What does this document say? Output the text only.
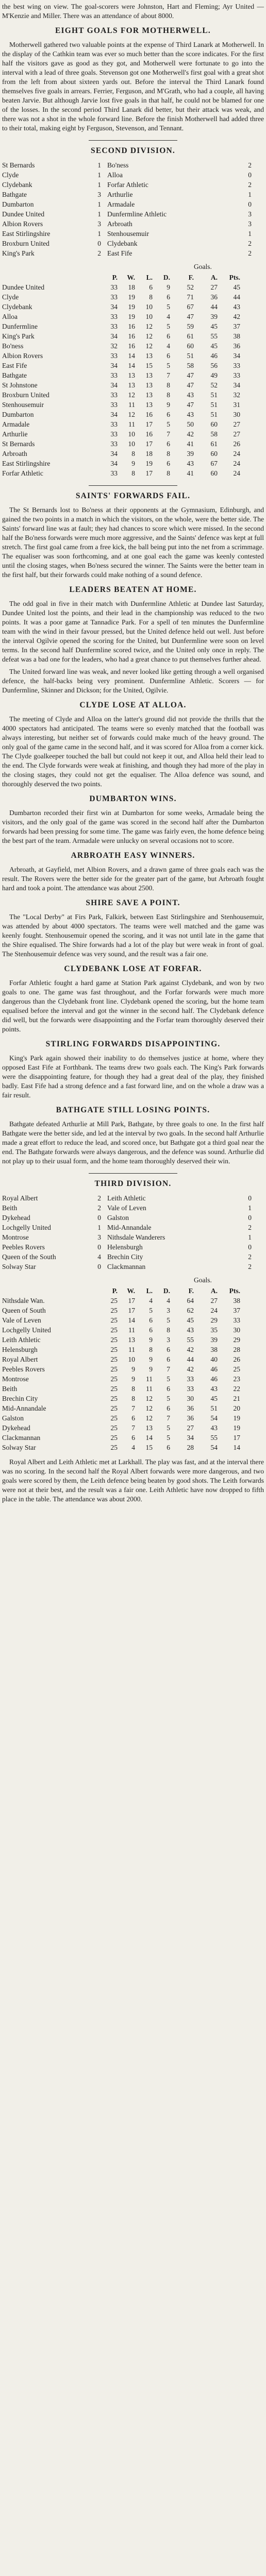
the best wing on view. The goal-scorers were Johnston, Hart and Fleming; Ayr United — M'Kenzie and Miller. There was an attendance of about 8000.

EIGHT GOALS FOR MOTHERWELL.

Motherwell gathered two valuable points at the expense of Third Lanark at Motherwell. In the display of the Cathkin team was ever so much better than the score indicates. For the first half the visitors gave as good as they got, and Motherwell were fortunate to go into the interval with a lead of three goals. Stevenson got one Motherwell's first goal with a great shot from the left from about sixteen yards out. Before the interval the Third Lanark found themselves five goals in arrears. Ferrier, Ferguson, and M'Grath, who had a couple, all having beaten Jarvie. But although Jarvie lost five goals in that half, he could not be blamed for one of the losses. In the second period Third Lanark did better, but their attack was weak, and there was not a shot in the whole forward line. Before the finish Motherwell had added three to their total, making eight by Ferguson, Stevenson, and Tennant.

SECOND DIVISION.
St Bernards	1 Bo'ness	2
Clyde	1 Alloa	0
Clydebank	1 Forfar Athletic	2
Bathgate	3 Arthurlie	1
Dumbarton	1 Armadale	0
Dundee United	1 Dunfermline Athletic	3
Albion Rovers	3 Arbroath	3
East Stirlingshire	1 Stenhousemuir	1
Broxburn United	0 Clydebank	2
King's Park	2 East Fife	2
Goals.
P.	W.	L.	D.	F.	A.	Pts.
Dundee United	33	18	6	9	52	27	45
Clyde	33	19	8	6	71	36	44
Clydebank	34	19	10	5	67	44	43
Alloa	33	19	10	4	47	39	42
Dunfermline	33	16	12	5	59	45	37
King's Park	34	16	12	6	61	55	38
Bo'ness	32	16	12	4	60	45	36
Albion Rovers	33	14	13	6	51	46	34
East Fife	34	14	15	5	58	56	33
Bathgate	33	13	13	7	47	49	33
St Johnstone	34	13	13	8	47	52	34
Broxburn United	33	12	13	8	43	51	32
Stenhousemuir	33	11	13	9	47	51	31
Dumbarton	34	12	16	6	43	51	30
Armadale	33	11	17	5	50	60	27
Arthurlie	33	10	16	7	42	58	27
St Bernards	33	10	17	6	41	61	26
Arbroath	34	8	18	8	39	60	24
East Stirlingshire	34	9	19	6	43	67	24
Forfar Athletic	33	8	17	8	41	60	24
SAINTS' FORWARDS FAIL.

The St Bernards lost to Bo'ness at their opponents at the Gymnasium, Edinburgh, and gained the two points in a match in which the visitors, on the whole, were the better side. The Saints' forward line was at fault; they had chances to score which were missed. In the second half the Bo'ness forwards were much more aggressive, and the Saints' defence was kept at full stretch. The first goal came from a free kick, the ball being put into the net from a scrimmage. The equaliser was soon forthcoming, and at one goal each the game was keenly contested until the closing stages, when Bo'ness secured the winner. The Saints were the better team in the first half, but their forwards could make nothing of a sound defence.

LEADERS BEATEN AT HOME.

The odd goal in five in their match with Dunfermline Athletic at Dundee last Saturday, Dundee United lost the points, and their lead in the championship was reduced to the two points. It was a poor game at Tannadice Park. For a spell of ten minutes the Dunfermline team with the wind in their favour pressed, but the United defence held out well. Just before the interval Ogilvie opened the scoring for the United, but Dunfermline were soon on level terms. In the second half Dunfermline scored twice, and the United only once in reply. The defeat was a bad one for the leaders, who had a great chance to put themselves further ahead.

The United forward line was weak, and never looked like getting through a well organised defence, the half-backs being very prominent. Dunfermline Athletic. Scorers — for Dunfermline, Skinner and Dickson; for the United, Ogilvie.

CLYDE LOSE AT ALLOA.

The meeting of Clyde and Alloa on the latter's ground did not provide the thrills that the 4000 spectators had anticipated. The teams were so evenly matched that the football was always interesting, but neither set of forwards could make much of the heavy ground. The only goal of the game came in the second half, and it was scored for Alloa from a corner kick. The Clyde goalkeeper touched the ball but could not keep it out, and Alloa held their lead to the end. The Clyde forwards were weak at finishing, and though they had more of the play in the closing stages, they could not get the equaliser. The Alloa defence was sound, and thoroughly deserved the two points.

DUMBARTON WINS.

Dumbarton recorded their first win at Dumbarton for some weeks, Armadale being the visitors, and the only goal of the game was scored in the second half after the Dumbarton forwards had been pressing for some time. The game was fairly even, the home defence being the best part of the team. Armadale were unlucky on several occasions not to score.

ARBROATH EASY WINNERS.

Arbroath, at Gayfield, met Albion Rovers, and a drawn game of three goals each was the result. The Rovers were the better side for the greater part of the game, but Arbroath fought hard and took a point. The attendance was about 2500.

SHIRE SAVE A POINT.

The "Local Derby" at Firs Park, Falkirk, between East Stirlingshire and Stenhousemuir, was attended by about 4000 spectators. The teams were well matched and the game was keenly fought. Stenhousemuir opened the scoring, and it was not until late in the game that the Shire equalised. The Shire forwards had a lot of the play but were weak in front of goal. The Stenhousemuir defence was very sound, and the result was a fair one.

CLYDEBANK LOSE AT FORFAR.

Forfar Athletic fought a hard game at Station Park against Clydebank, and won by two goals to one. The game was fast throughout, and the Forfar forwards were much more dangerous than the Clydebank front line. Clydebank opened the scoring, but the home team equalised before the interval and got the winner in the second half. The Clydebank defence did well, but the forwards were disappointing and the Forfar team thoroughly deserved their points.

STIRLING FORWARDS DISAPPOINTING.

King's Park again showed their inability to do themselves justice at home, where they opposed East Fife at Forthbank. The teams drew two goals each. The King's Park forwards were the disappointing feature, for though they had a great deal of the play, they finished badly. East Fife had a strong defence and a fast forward line, and on the whole a draw was a fair result.

BATHGATE STILL LOSING POINTS.

Bathgate defeated Arthurlie at Mill Park, Bathgate, by three goals to one. In the first half Bathgate were the better side, and led at the interval by two goals. In the second half Arthurlie made a great effort to reduce the lead, and scored once, but Bathgate got a third goal near the end. The Bathgate forwards were always dangerous, and the defence was sound. Arthurlie did not play up to their usual form, and the home team thoroughly deserved their win.

THIRD DIVISION.
Royal Albert	2 Leith Athletic	0
Beith	2 Vale of Leven	1
Dykehead	0 Galston	0
Lochgelly United	1 Mid-Annandale	2
Montrose	3 Nithsdale Wanderers	1
Peebles Rovers	0 Helensburgh	0
Queen of the South	4 Brechin City	2
Solway Star	0 Clackmannan	2
Goals.
P.	W.	L.	D.	F.	A.	Pts.
Nithsdale Wan.	25	17	4	4	64	27	38
Queen of South	25	17	5	3	62	24	37
Vale of Leven	25	14	6	5	45	29	33
Lochgelly United	25	11	6	8	43	35	30
Leith Athletic	25	13	9	3	55	39	29
Helensburgh	25	11	8	6	42	38	28
Royal Albert	25	10	9	6	44	40	26
Peebles Rovers	25	9	9	7	42	46	25
Montrose	25	9	11	5	33	46	23
Beith	25	8	11	6	33	43	22
Brechin City	25	8	12	5	30	45	21
Mid-Annandale	25	7	12	6	36	51	20
Galston	25	6	12	7	36	54	19
Dykehead	25	7	13	5	27	43	19
Clackmannan	25	6	14	5	34	55	17
Solway Star	25	4	15	6	28	54	14

Royal Albert and Leith Athletic met at Larkhall. The play was fast, and at the interval there was no scoring. In the second half the Royal Albert forwards were more dangerous, and two goals were scored by them, the Leith defence being beaten by good shots. The Leith forwards were not at their best, and the result was a fair one. Leith Athletic have now dropped to fifth place in the table. The attendance was about 2000.
